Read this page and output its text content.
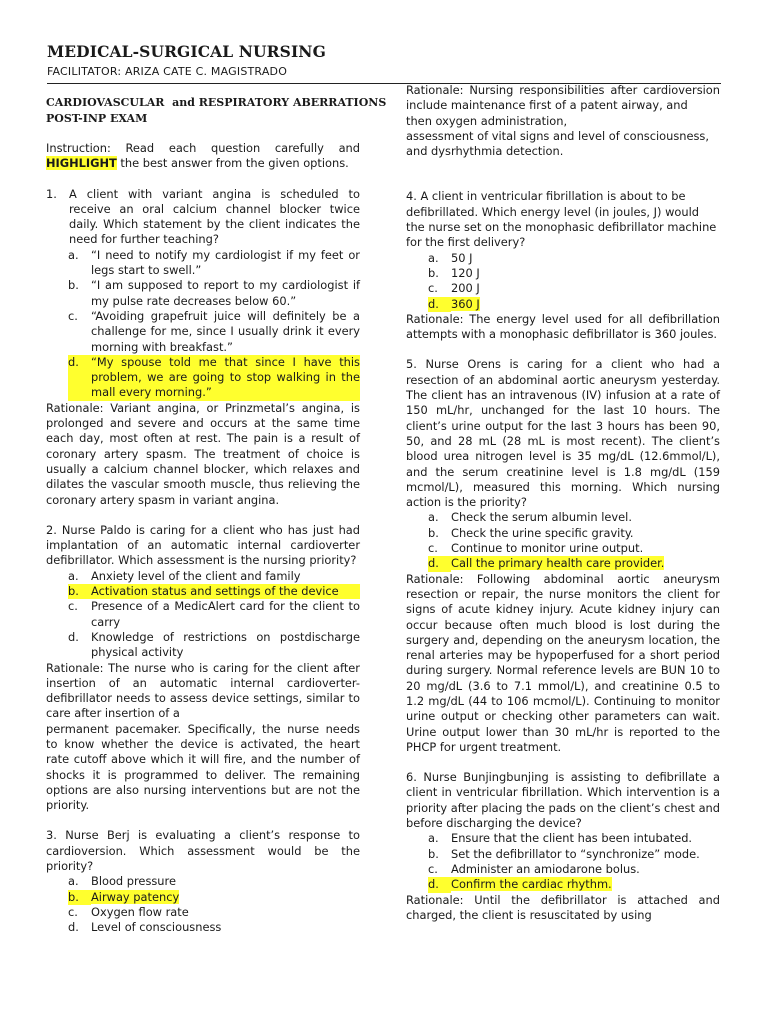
MEDICAL-SURGICAL NURSING
FACILITATOR: ARIZA CATE C. MAGISTRADO
CARDIOVASCULAR  and RESPIRATORY ABERRATIONS
POST-INP EXAM

Instruction: Read each question carefully and HIGHLIGHT the best answer from the given options.

1.	A client with variant angina is scheduled to receive an oral calcium channel blocker twice daily. Which statement by the client indicates the need for further teaching?
a.	“I need to notify my cardiologist if my feet or legs start to swell.”
b.	“I am supposed to report to my cardiologist if my pulse rate decreases below 60.”
c.	“Avoiding grapefruit juice will definitely be a challenge for me, since I usually drink it every morning with breakfast.”
d.	“My spouse told me that since I have this problem, we are going to stop walking in the mall every morning.”

Rationale: Variant angina, or Prinzmetal’s angina, is prolonged and severe and occurs at the same time each day, most often at rest. The pain is a result of coronary artery spasm. The treatment of choice is usually a calcium channel blocker, which relaxes and dilates the vascular smooth muscle, thus relieving the coronary artery spasm in variant angina.

2. Nurse Paldo is caring for a client who has just had implantation of an automatic internal cardioverter defibrillator. Which assessment is the nursing priority?

a.	Anxiety level of the client and family
b.	Activation status and settings of the device
c.	Presence of a MedicAlert card for the client to carry
d.	Knowledge of restrictions on postdischarge physical activity

Rationale: The nurse who is caring for the client after insertion of an automatic internal cardioverter-defibrillator needs to assess device settings, similar to care after insertion of a

permanent pacemaker. Specifically, the nurse needs to know whether the device is activated, the heart rate cutoff above which it will fire, and the number of shocks it is programmed to deliver. The remaining options are also nursing interventions but are not the priority.

3. Nurse Berj is evaluating a client’s response to cardioversion. Which assessment would be the priority?

a.	Blood pressure
b.	Airway patency
c.	Oxygen flow rate
d.	Level of consciousness

Rationale: Nursing responsibilities after cardioversion include maintenance first of a patent airway, and

then oxygen administration,

assessment of vital signs and level of consciousness,

and dysrhythmia detection.

4. A client in ventricular fibrillation is about to be defibrillated. Which energy level (in joules, J) would the nurse set on the monophasic defibrillator machine for the first delivery?

a.	50 J
b.	120 J
c.	200 J
d.	360 J

Rationale: The energy level used for all defibrillation attempts with a monophasic defibrillator is 360 joules.

5. Nurse Orens is caring for a client who had a resection of an abdominal aortic aneurysm yesterday. The client has an intravenous (IV) infusion at a rate of 150 mL/hr, unchanged for the last 10 hours. The client’s urine output for the last 3 hours has been 90, 50, and 28 mL (28 mL is most recent). The client’s blood urea nitrogen level is 35 mg/dL (12.6mmol/L), and the serum creatinine level is 1.8 mg/dL (159 mcmol/L), measured this morning. Which nursing action is the priority?

a.	Check the serum albumin level.
b.	Check the urine specific gravity.
c.	Continue to monitor urine output.
d.	Call the primary health care provider.

Rationale: Following abdominal aortic aneurysm resection or repair, the nurse monitors the client for signs of acute kidney injury. Acute kidney injury can occur because often much blood is lost during the surgery and, depending on the aneurysm location, the renal arteries may be hypoperfused for a short period during surgery. Normal reference levels are BUN 10 to 20 mg/dL (3.6 to 7.1 mmol/L), and creatinine 0.5 to 1.2 mg/dL (44 to 106 mcmol/L). Continuing to monitor urine output or checking other parameters can wait. Urine output lower than 30 mL/hr is reported to the PHCP for urgent treatment.

6. Nurse Bunjingbunjing is assisting to defibrillate a client in ventricular fibrillation. Which intervention is a priority after placing the pads on the client’s chest and before discharging the device?

a.	Ensure that the client has been intubated.
b.	Set the defibrillator to “synchronize” mode.
c.	Administer an amiodarone bolus.
d.	Confirm the cardiac rhythm.

Rationale: Until the defibrillator is attached and charged, the client is resuscitated by using
